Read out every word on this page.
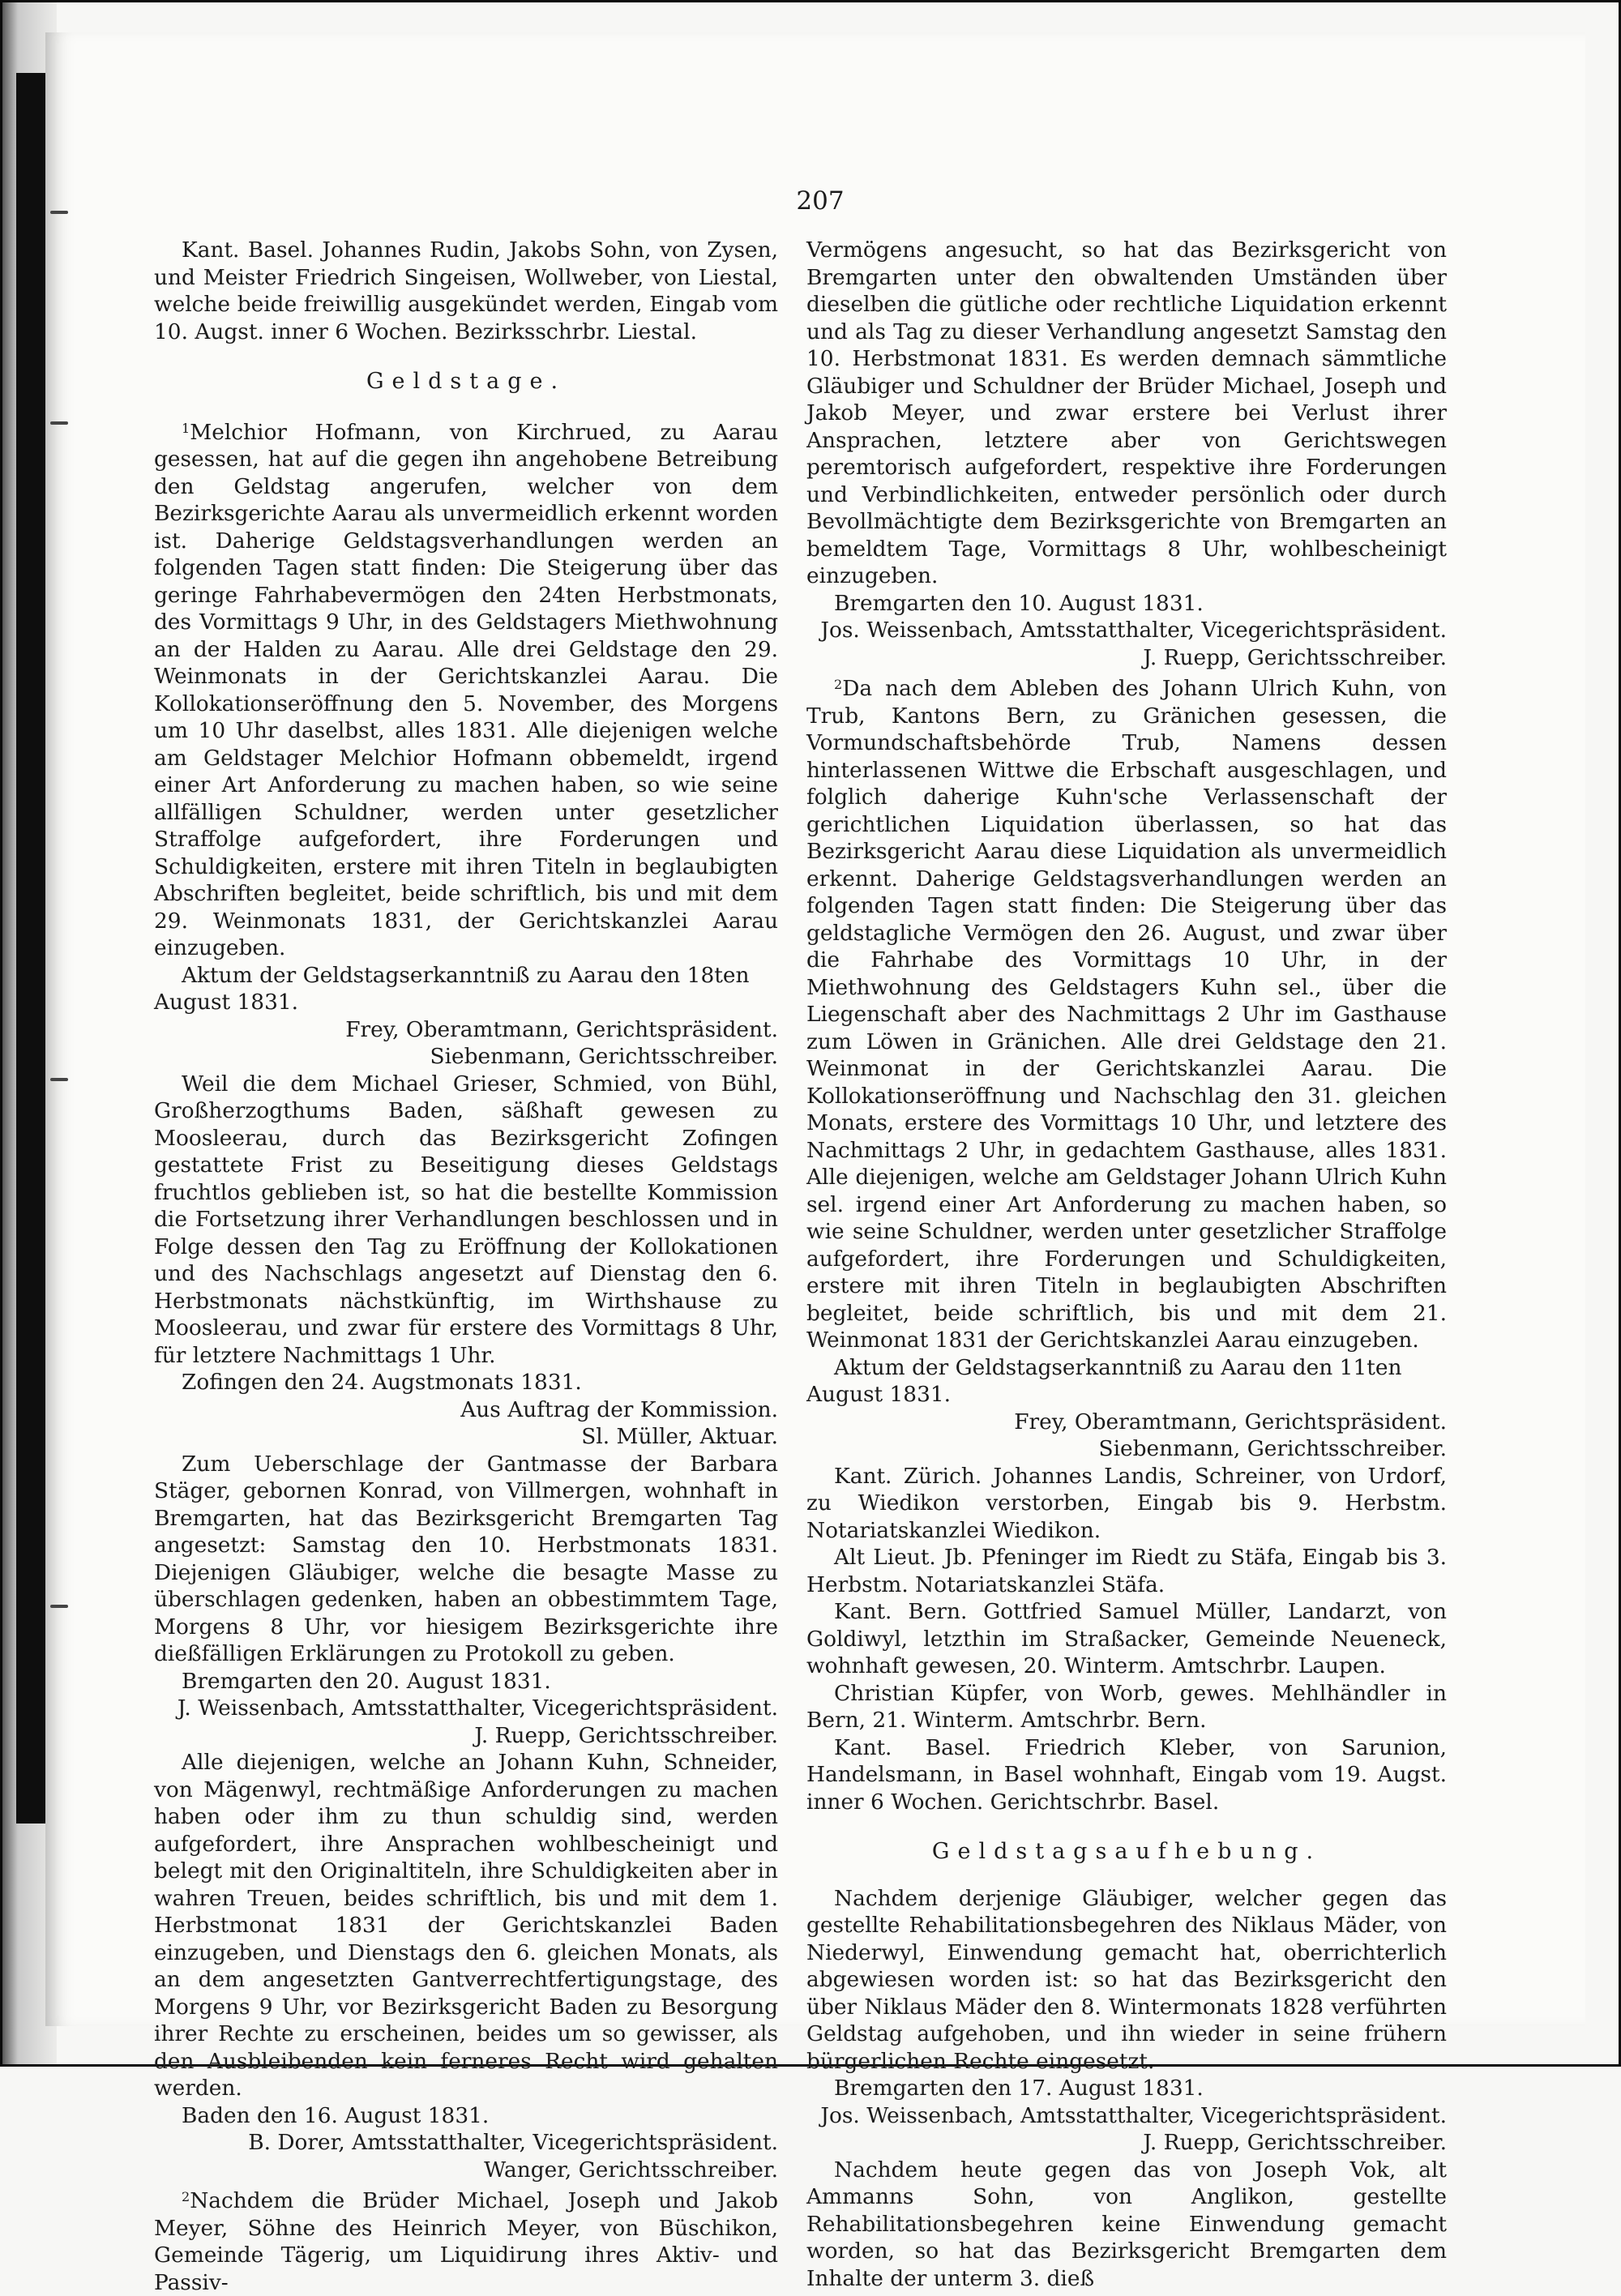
207

Kant. Basel. Johannes Rudin, Jakobs Sohn, von Zysen, und Meister Friedrich Singeisen, Wollweber, von Liestal, welche beide freiwillig ausgekündet werden, Eingab vom 10. Augst. inner 6 Wochen. Bezirksschrbr. Liestal.

Geldstage.

$^1$Melchior Hofmann, von Kirchrued, zu Aarau gesessen, hat auf die gegen ihn angehobene Betreibung den Geldstag angerufen, welcher von dem Bezirksgerichte Aarau als unvermeidlich erkennt worden ist. Daherige Geldstagsverhandlungen werden an folgenden Tagen statt finden: Die Steigerung über das geringe Fahrhabevermögen den 24ten Herbstmonats, des Vormittags 9 Uhr, in des Geldstagers Miethwohnung an der Halden zu Aarau. Alle drei Geldstage den 29. Weinmonats in der Gerichtskanzlei Aarau. Die Kollokationseröffnung den 5. November, des Morgens um 10 Uhr daselbst, alles 1831. Alle diejenigen welche am Geldstager Melchior Hofmann obbemeldt, irgend einer Art Anforderung zu machen haben, so wie seine allfälligen Schuldner, werden unter gesetzlicher Straffolge aufgefordert, ihre Forderungen und Schuldigkeiten, erstere mit ihren Titeln in beglaubigten Abschriften begleitet, beide schriftlich, bis und mit dem 29. Weinmonats 1831, der Gerichtskanzlei Aarau einzugeben.

Aktum der Geldstagserkanntniß zu Aarau den 18ten August 1831.

Frey, Oberamtmann, Gerichtspräsident.

Siebenmann, Gerichtsschreiber.

Weil die dem Michael Grieser, Schmied, von Bühl, Großherzogthums Baden, säßhaft gewesen zu Moosleerau, durch das Bezirksgericht Zofingen gestattete Frist zu Beseitigung dieses Geldstags fruchtlos geblieben ist, so hat die bestellte Kommission die Fortsetzung ihrer Verhandlungen beschlossen und in Folge dessen den Tag zu Eröffnung der Kollokationen und des Nachschlags angesetzt auf Dienstag den 6. Herbstmonats nächstkünftig, im Wirthshause zu Moosleerau, und zwar für erstere des Vormittags 8 Uhr, für letztere Nachmittags 1 Uhr.

Zofingen den 24. Augstmonats 1831.

Aus Auftrag der Kommission.

Sl. Müller, Aktuar.

Zum Ueberschlage der Gantmasse der Barbara Stäger, gebornen Konrad, von Villmergen, wohnhaft in Bremgarten, hat das Bezirksgericht Bremgarten Tag angesetzt: Samstag den 10. Herbstmonats 1831. Diejenigen Gläubiger, welche die besagte Masse zu überschlagen gedenken, haben an obbestimmtem Tage, Morgens 8 Uhr, vor hiesigem Bezirksgerichte ihre dießfälligen Erklärungen zu Protokoll zu geben.

Bremgarten den 20. August 1831.

J. Weissenbach, Amtsstatthalter, Vicegerichtspräsident.

J. Ruepp, Gerichtsschreiber.

Alle diejenigen, welche an Johann Kuhn, Schneider, von Mägenwyl, rechtmäßige Anforderungen zu machen haben oder ihm zu thun schuldig sind, werden aufgefordert, ihre Ansprachen wohlbescheinigt und belegt mit den Originaltiteln, ihre Schuldigkeiten aber in wahren Treuen, beides schriftlich, bis und mit dem 1. Herbstmonat 1831 der Gerichtskanzlei Baden einzugeben, und Dienstags den 6. gleichen Monats, als an dem angesetzten Gantverrechtfertigungstage, des Morgens 9 Uhr, vor Bezirksgericht Baden zu Besorgung ihrer Rechte zu erscheinen, beides um so gewisser, als den Ausbleibenden kein ferneres Recht wird gehalten werden.

Baden den 16. August 1831.

B. Dorer, Amtsstatthalter, Vicegerichtspräsident.

Wanger, Gerichtsschreiber.

$^2$Nachdem die Brüder Michael, Joseph und Jakob Meyer, Söhne des Heinrich Meyer, von Büschikon, Gemeinde Tägerig, um Liquidirung ihres Aktiv- und Passiv-

Vermögens angesucht, so hat das Bezirksgericht von Bremgarten unter den obwaltenden Umständen über dieselben die gütliche oder rechtliche Liquidation erkennt und als Tag zu dieser Verhandlung angesetzt Samstag den 10. Herbstmonat 1831. Es werden demnach sämmtliche Gläubiger und Schuldner der Brüder Michael, Joseph und Jakob Meyer, und zwar erstere bei Verlust ihrer Ansprachen, letztere aber von Gerichtswegen peremtorisch aufgefordert, respektive ihre Forderungen und Verbindlichkeiten, entweder persönlich oder durch Bevollmächtigte dem Bezirksgerichte von Bremgarten an bemeldtem Tage, Vormittags 8 Uhr, wohlbescheinigt einzugeben.

Bremgarten den 10. August 1831.

Jos. Weissenbach, Amtsstatthalter, Vicegerichtspräsident.

J. Ruepp, Gerichtsschreiber.

$^2$Da nach dem Ableben des Johann Ulrich Kuhn, von Trub, Kantons Bern, zu Gränichen gesessen, die Vormundschaftsbehörde Trub, Namens dessen hinterlassenen Wittwe die Erbschaft ausgeschlagen, und folglich daherige Kuhn'sche Verlassenschaft der gerichtlichen Liquidation überlassen, so hat das Bezirksgericht Aarau diese Liquidation als unvermeidlich erkennt. Daherige Geldstagsverhandlungen werden an folgenden Tagen statt finden: Die Steigerung über das geldstagliche Vermögen den 26. August, und zwar über die Fahrhabe des Vormittags 10 Uhr, in der Miethwohnung des Geldstagers Kuhn sel., über die Liegenschaft aber des Nachmittags 2 Uhr im Gasthause zum Löwen in Gränichen. Alle drei Geldstage den 21. Weinmonat in der Gerichtskanzlei Aarau. Die Kollokationseröffnung und Nachschlag den 31. gleichen Monats, erstere des Vormittags 10 Uhr, und letztere des Nachmittags 2 Uhr, in gedachtem Gasthause, alles 1831. Alle diejenigen, welche am Geldstager Johann Ulrich Kuhn sel. irgend einer Art Anforderung zu machen haben, so wie seine Schuldner, werden unter gesetzlicher Straffolge aufgefordert, ihre Forderungen und Schuldigkeiten, erstere mit ihren Titeln in beglaubigten Abschriften begleitet, beide schriftlich, bis und mit dem 21. Weinmonat 1831 der Gerichtskanzlei Aarau einzugeben.

Aktum der Geldstagserkanntniß zu Aarau den 11ten August 1831.

Frey, Oberamtmann, Gerichtspräsident.

Siebenmann, Gerichtsschreiber.

Kant. Zürich. Johannes Landis, Schreiner, von Urdorf, zu Wiedikon verstorben, Eingab bis 9. Herbstm. Notariatskanzlei Wiedikon.

Alt Lieut. Jb. Pfeninger im Riedt zu Stäfa, Eingab bis 3. Herbstm. Notariatskanzlei Stäfa.

Kant. Bern. Gottfried Samuel Müller, Landarzt, von Goldiwyl, letzthin im Straßacker, Gemeinde Neueneck, wohnhaft gewesen, 20. Winterm. Amtschrbr. Laupen.

Christian Küpfer, von Worb, gewes. Mehlhändler in Bern, 21. Winterm. Amtschrbr. Bern.

Kant. Basel. Friedrich Kleber, von Sarunion, Handelsmann, in Basel wohnhaft, Eingab vom 19. Augst. inner 6 Wochen. Gerichtschrbr. Basel.

Geldstagsaufhebung.

Nachdem derjenige Gläubiger, welcher gegen das gestellte Rehabilitationsbegehren des Niklaus Mäder, von Niederwyl, Einwendung gemacht hat, oberrichterlich abgewiesen worden ist: so hat das Bezirksgericht den über Niklaus Mäder den 8. Wintermonats 1828 verführten Geldstag aufgehoben, und ihn wieder in seine frühern bürgerlichen Rechte eingesetzt.

Bremgarten den 17. August 1831.

Jos. Weissenbach, Amtsstatthalter, Vicegerichtspräsident.

J. Ruepp, Gerichtsschreiber.

Nachdem heute gegen das von Joseph Vok, alt Ammanns Sohn, von Anglikon, gestellte Rehabilitationsbegehren keine Einwendung gemacht worden, so hat das Bezirksgericht Bremgarten dem Inhalte der unterm 3. dieß
